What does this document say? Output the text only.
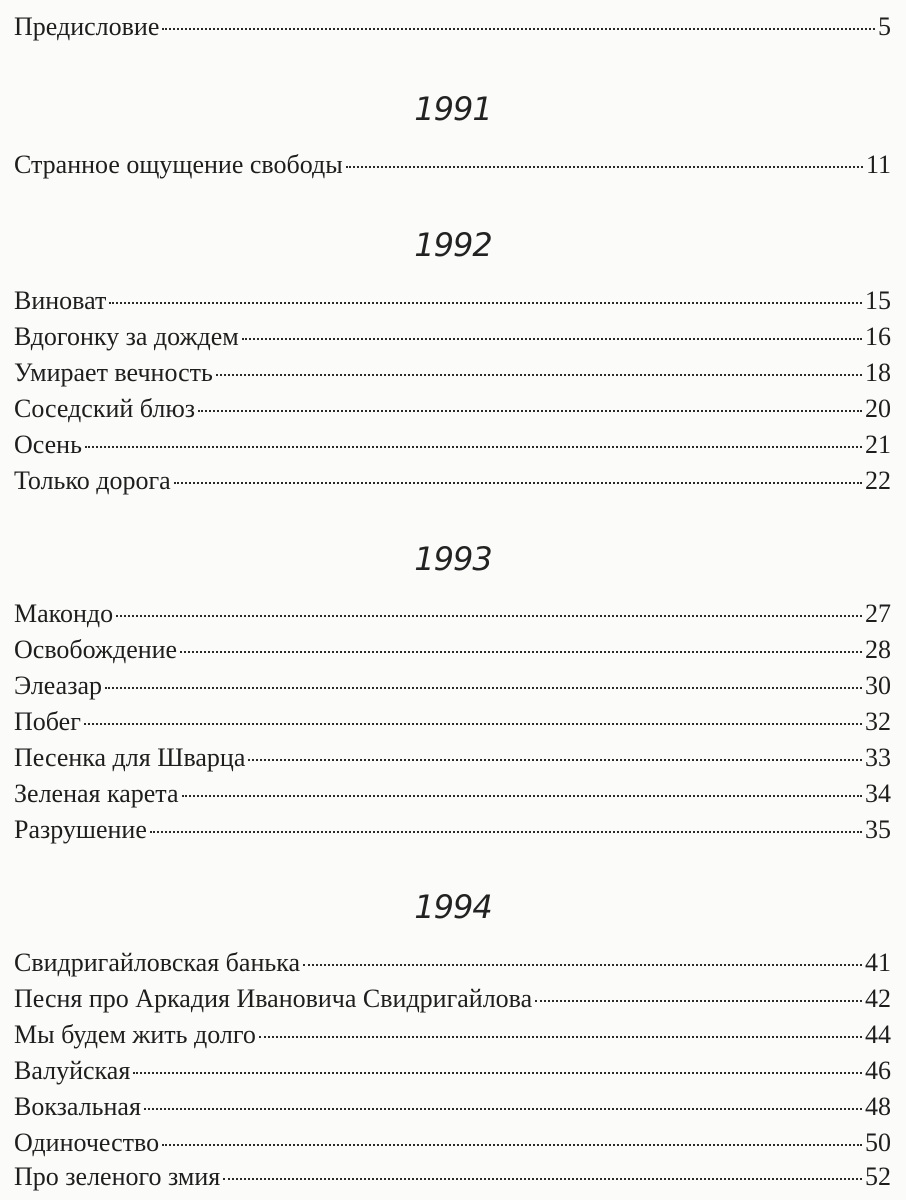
Предисловие	5
1991
Странное ощущение свободы	11
1992
Виноват	15
Вдогонку за дождем	16
Умирает вечность	18
Соседский блюз	20
Осень	21
Только дорога	22
1993
Макондо	27
Освобождение	28
Элеазар	30
Побег	32
Песенка для Шварца	33
Зеленая карета	34
Разрушение	35
1994
Свидригайловская банька	41
Песня про Аркадия Ивановича Свидригайлова	42
Мы будем жить долго	44
Валуйская	46
Вокзальная	48
Одиночество	50
Про зеленого змия	52
